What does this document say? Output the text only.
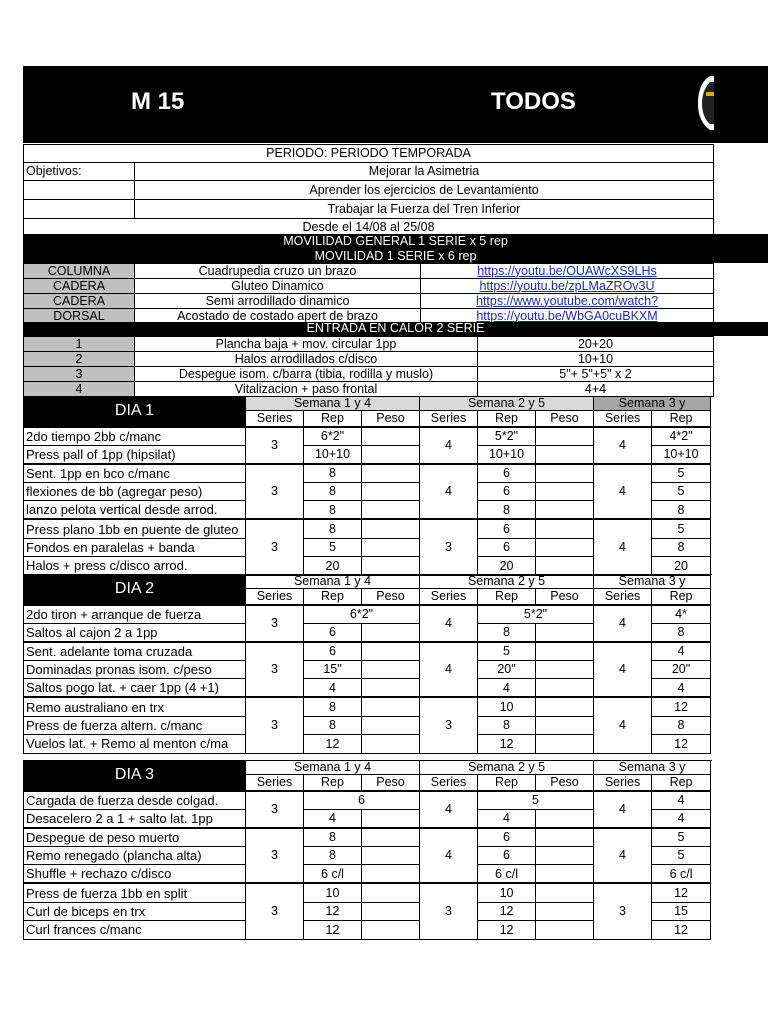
M 15	TODOS
PERIODO: PERIODO TEMPORADA	
Objetivos:	Mejorar la Asimetria
	Aprender los ejercicios de Levantamiento
	Trabajar la Fuerza del Tren Inferior
Desde el 14/08 al 25/08	
MOVILIDAD GENERAL 1 SERIE x 5 rep
MOVILIDAD 1 SERIE x 6 rep
COLUMNA	Cuadrupedia cruzo un brazo	https://youtu.be/OUAWcXS9LHs
CADERA	Gluteo Dinamico	https://youtu.be/zpLMaZROv3U
CADERA	Semi arrodillado dinamico	https://www.youtube.com/watch?
DORSAL	Acostado de costado apert de brazo	https://youtu.be/WbGA0cuBKXM
ENTRADA EN CALOR 2 SERIE
1	Plancha baja + mov. circular 1pp	20+20
2	Halos arrodillados c/disco	10+10
3	Despegue isom. c/barra (tibia, rodilla y muslo)	5"+ 5"+5" x 2
4	Vitalizacion + paso frontal	4+4
DIA 1	Semana 1 y 4			Semana 2 y 5			Semana 3 y		
	Series	Rep	Peso	Series	Rep	Peso	Series	Rep	
2do tiempo 2bb c/manc	3	6*2"		4	5*2"		4	4*2"	
Press pall of 1pp (hipsilat)		10+10			10+10			10+10	
Sent. 1pp en bco c/manc	3	8		4	6		4	5	
flexiones de bb (agregar peso)		8			6			5	
lanzo pelota vertical desde arrod.		8			8			8	
Press plano 1bb en puente de gluteo	3	8		3	6		4	5	
Fondos en paralelas + banda		5			6			8	
Halos + press c/disco arrod.		20			20			20	
DIA 2	Semana 1 y 4			Semana 2 y 5			Semana 3 y		
	Series	Rep	Peso	Series	Rep	Peso	Series	Rep	
2do tiron + arranque de fuerza	3	6*2"		4	5*2"		4	4*	
Saltos al cajon 2 a 1pp		6			8			8	
Sent. adelante toma cruzada	3	6		4	5		4	4	
Dominadas pronas isom. c/peso		15"			20"			20"	
Saltos pogo lat. + caer 1pp (4 +1)		4			4			4	
Remo australiano en trx	3	8		3	10		4	12	
Press de fuerza altern. c/manc		8			8			8	
Vuelos lat. + Remo al menton c/ma		12			12			12	
DIA 3	Semana 1 y 4			Semana 2 y 5			Semana 3 y		
	Series	Rep	Peso	Series	Rep	Peso	Series	Rep	
Cargada de fuerza desde colgad.	3	6		4	5		4	4	
Desacelero 2 a 1 + salto lat. 1pp		4			4			4	
Despegue de peso muerto	3	8		4	6		4	5	
Remo renegado (plancha alta)		8			6			5	
Shuffle + rechazo c/disco		6 c/l			6 c/l			6 c/l	
Press de fuerza 1bb en split	3	10		3	10		3	12	
Curl de biceps en trx		12			12			15	
Curl frances c/manc		12			12			12	
